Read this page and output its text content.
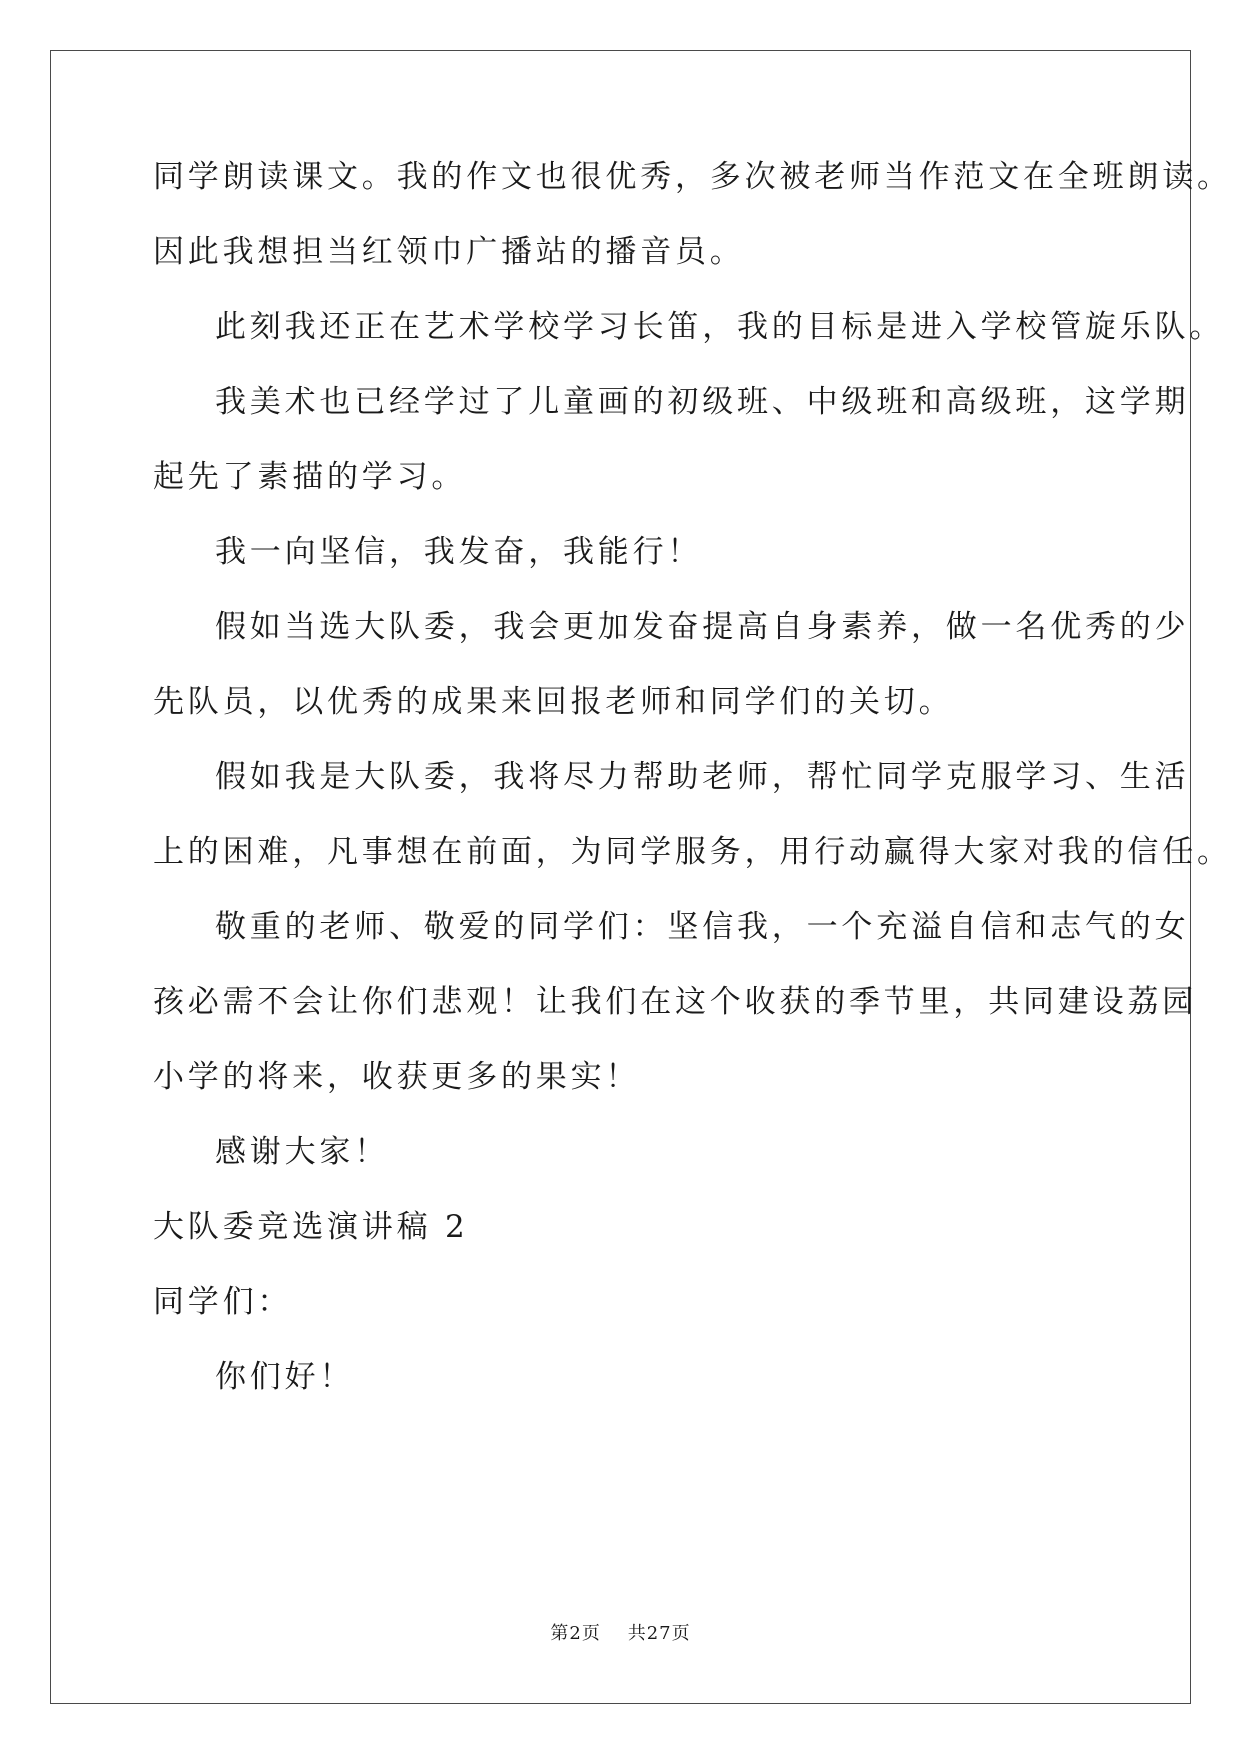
同学朗读课文。我的作文也很优秀，多次被老师当作范文在全班朗读。
因此我想担当红领巾广播站的播音员。
此刻我还正在艺术学校学习长笛，我的目标是进入学校管旋乐队。
我美术也已经学过了儿童画的初级班、中级班和高级班，这学期
起先了素描的学习。
我一向坚信，我发奋，我能行！
假如当选大队委，我会更加发奋提高自身素养，做一名优秀的少
先队员，以优秀的成果来回报老师和同学们的关切。
假如我是大队委，我将尽力帮助老师，帮忙同学克服学习、生活
上的困难，凡事想在前面，为同学服务，用行动赢得大家对我的信任。
敬重的老师、敬爱的同学们：坚信我，一个充溢自信和志气的女
孩必需不会让你们悲观！让我们在这个收获的季节里，共同建设荔园
小学的将来，收获更多的果实！
感谢大家！
大队委竞选演讲稿 2
同学们：
你们好！
第2页 共27页
